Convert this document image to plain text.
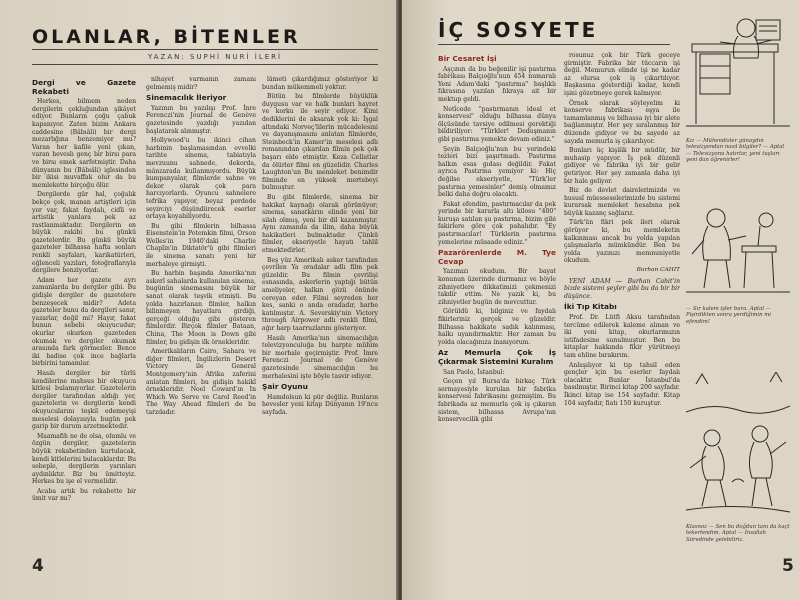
OLANLAR, BİTENLER
YAZAN: SUPHİ NURİ İLERİ
Dergi ve Gazete Rekabeti

Herkes, bilmem neden dergilerin çokluğundan şikâyet ediyor. Bunların çoğu çabuk kapanıyor. Zaten bizim Ankara caddesine (Bâbıâli) bir dergi mezarlığına benzemiyor mu? Varan her kafile yeni çıkan, varan heveslı genç bir birsı para ve birsı emek sarfetmiştir. Daha dünyanın bu (Bâbıâli) iglesinden bir ikisi muvaffak olur da bu memlekette birçoğu ölür.

Dergilerde gür hal, çoğalık bekçe çok, manan artiştleri için yer var, fakat faydalı, cidîi ve artistik yanlara pek az rastlanmaktadır. Dergilerin en büyük rakibi bu günkü gazetelerdir. Bu günkü büyük gazeteler bilhassa hafta sonları renkli sayfaları, karikatürleri, eğlenceli yazıları, fotoğraflarıyla dergilere benziyorlar.

Adam her gazete ayrı zamanlarda bu dergiler gibi. Bu gidişle dergiler de gazetelere benzeşecek midir? Adeta gazeteler bunu da dergileri sanır, yazarlar, değil mi? Hayır, fakat bunun sebebi okuyucudur; okurlar okurken gazeteden okumak ve dergiler okumak arasında fark görmezler. Bence iki hadise çok ince bağlarla birbirini tamamlar.

Hasılı dergiler bir türlü kendilerine mahsus bir okuyucu kitlesi bulamıyorlar. Gazetelerin dergiler tarafından aldığı yer, gazetelerin ve dergilerin kendi okuyucularını teşkil edemeyişi meselesi dolayısıyla bugün pek garip bir durum arzetmektedir.

Maamafih ne de olsa, olumlu ve özgün dergiler, gazetelerin büyük rekabetinden kurtulacak, kendi kitlelerini bulacaklardır. Bu sebeple, dergilerin yarınları aydınlıktır. Biz bu ümitteyiz. Herkes bu işe el vermelidir.

Acaba artık bu rekabette bir ümit var mı?

nihayet varmanın zamanı gelmemiş midir?

Sinemacılık İleriyor

Yazının bu yazılışı Prof. İnre Ferenczi'nin Journal de Genève gazetesinde yazdığı yazıdan başlatarak alınmıştır.

Hollywood'u bu ikinci cihan harbinin başlamasından evvelki tarihte sinema, tabiatıyla mevzuunu sahnede, dekorda, mânzarada kullanmıyordu. Büyük kumpanyalar, filmlerde sahne ve dekor olarak çok para harcıyorlardı. Oyuncu sahnelere tefrika yapıyor, beyaz perdede seyirciyi düşündürecek eserler ortaya koyabiliyordu.

Bu gibi filmlerin bilhassa Eisenstein'in Potemkin filmi, Orson Welles'in 1940'daki Charlie Chaplin'in Diktatör'ü gibi filmleri ile sinema sanatı yeni bir merhaleye girmişti.

Bu harbin başında Amerika'nın askerî sahalarda kullanılan sinema, bugünün sinemasını büyük bir sanat olarak teşvik etmişti. Bu yolda hazırlanan filmler, halkın bilinmeyen hayatlara girdiği, gerçeği olduğu gibi gösteren filmlerdir. Birçok filmler Bataan, China, The Moon is Down gibi filmler, bu gidişin ilk örnekleridir.

Amerikalıların Cairo, Sahara ve diğer filmleri, İngilizlerin Desert Victory ile General Montgomery'nin Afrika zaferini anlatan filmleri, bu gidişin hakikî örnekleridir. Noel Coward'ın In Which We Serve ve Carol Reed'in The Way Ahead filmleri de bu tarzdadır.

lâmeti çıkardığımız gösteriyor ki bundan mükemmeli yoktur.

Bütün bu filmlerde büyüklük duygusu var ve halk bunları hayret ve korku ile seyir ediyor. Kimi dediklerini de aksarak yok ki: İşgal altındaki Norveç'lilerin mücadelesini ve dayanışmasını anlatan filmlerde, Steinbeck'in Kamer'in meselesi adlı romanından çıkarılan filmin pek çok başarı elde etmiştir. Keza Cellatlar da ölürler filmi en güzelidir. Charles Laughton'un Bu memleket benimdir filminde en yüksek mertebeyi bulmuştur.

Bu gibi filmlerde, sinema bir hakikat kaynağı olarak görünüyor; sinema, sanatkârın elinde yeni bir silah olmuş, yeni bir dil kazanmıştır. Aynı zamanda da ilim, daha büyük hakikatleri bulmaktadır. Çünkü filmler, ekseriyetle hayatı tahlil etmektedirler.

Beş yüz Amerikalı asker tarafından çevrilen Ya oradalar adlı film pek güzeldir. Bu filmin çevrilişi esnasında, askerlerin yaptığı bütün ameliyeler, halkın gözü önünde cereyan eder. Filmi seyreden her kes, sanki o anda oradadır, harbe katılmıştır. A. Severskiy'nin Victory through Airpower adlı renkli filmi, ağır harp taarruzlarını gösteriyor.

Hasılı Amerika'nın sinemacılığın televizyonculuğa bu harpte mühim bir merhale geçirmiştir. Prof. İmre Ferenczi Journal de Genève gazetesinde sinemacılığın bu merhalesini işte böyle tasvir ediyor.

Şair Oyunu

Hamdolsun ki pür değiliz. Bunların hevesler yeni kitap Dünyanın 19'ncu sayfada.

4
İÇ SOSYETE
Bir Cesaret İşi

Aşçının da bu beğenilir işi pastırma fabrikası Balçıoğlu'nun 454 numaralı Yeni Adam'daki "pastırma" başlıklı fıkrasına yazılan fıkraya ait bir mektup geldi.

Netîcede "pastırmanın ideal et konservesi" olduğu bilhassa dünya ölçüsünde tavsiye edilmesi gerektiği bildiriliyor: "Türkler! Deduşmanın gibi pastırma yemekte devam ediniz."

Şeyin Balçıoğlu'nun bu yerindeki tezleri bizi şaşırtmadı. Pastırma halkın esas gıdası değildir. Fakat ayrıca Pastırma yemiyor ki: Hiç değilse ekseriyetle, "Türk'ler pastırma yemesinler" demiş olmamız belki daha doğru olacaktı.

Fakat efendim, pastırmacılar da pek yerinde bir kararla altı kilosu "400" kuruşa satılan şu pastırma, bizim gibi fakirlere göre çok pahalıdır. "Ey pastırmacılar! Türklerin pastırma yemelerine müsaade ediniz."

Pazarörenlerde M. Tye Cevap

Yazımızı okudum. Bir bayat konunun üzerinde durmanız ve böyle zihniyetlere dikkatimizi çekmenizi takdir ettim. Ne yazık ki, bu zihniyetler bugün de mevcuttur.

Görüldü ki, bilginiz ve faydalı fikirleriniz gerçek ve güzeldir. Bilhassa hakikate sadık kalınması, halkı uyandırmaktır. Her zaman bu yolda olacağınıza inanıyorum.

Az Memurla Çok İş Çıkarmak Sistemini Kuralım

San Paolo, İstanbul:

Geçen yıl Bursa'da birkaç Türk sermayesiyle kurulan bir fabrika konservesi fabrikasını gezmiştim. Bu fabrikada az memurla çok iş çıkaran sistem, bilhassa Avrupa'nın konservecilik gibi

rosunuz çok bir Türk geceye girmiştir. Fabrika bir tüccarın işi değil. Memurun elinde işi ne kadar az olursa çok iş çıkartılıyor. Başkasına gösterdiği kadar, kendi işini gözetmeye gerek kalmıyor.

Örnek olarak söyleyelim ki konserve fabrikası eşya ile tamamlanmış ve bilhassa iyi bir alete bağlanmıştır. Her şey sıralanmış bir düzende gidiyor ve bu sayede az sayıda memurla iş çıkarılıyor.

Bunları üç kişilik bir müdür, bir muhasip yapıyor. İş pek düzenli gidiyor ve fabrika iyi bir gelir getiriyor. Her şey zamanla daha iyi bir hale geliyor.

Biz de devlet dairelerimizde ve hususî müesseselerimizde bu sistemi kurarsak memleket hesabına pek büyük kazanç sağlarız.

Türk'ün fikri pek ileri olarak görüyor ki, bu memleketin kalkınması ancak bu yolda yapılan çalışmalarla mümkündür. Ben bu yolda yazınızı memnuniyetle okudum.

Burhan CAHIT

YENİ ADAM — Burhan Cahit'in bizde sistemi şeyler gibi bu da bir bir düşünce.

İki Tıp Kitabı

Prof. Dr. Lütfi Aksu tarafından tercüme edilerek kaleme alınan ve iki yeni kitap, okurlarımızın istifadesine sunulmuştur. Ben bu kitaplar hakkında fikir yürütmeyi tam ehline bırakırım.

Anlaşılıyor ki tıp tahsil eden gençler için bu eserler faydalı olacaktır. Bunlar İstanbul'da basılmıştır. Birinci kitap 200 sayfadır. İkinci kitap ise 154 sayfadır. Kitap 104 sayfadır, fiatı 150 kuruştur.

Kız — Mühendisler günaydın televizyondan nasıl bilgiler? — Aptal — Televizyonu hatırlar, yeni tuşları yeni dan öğrenirler!
— Sır kalem işler bura. Aptal — Pişirdikten sonra yerdiğimin mi efendim!
Klasnoz — Sen bu doğdun tanı da kaçt tekerlendim. Aptal — İnsallah Süredinde gelebiliriz.
5
